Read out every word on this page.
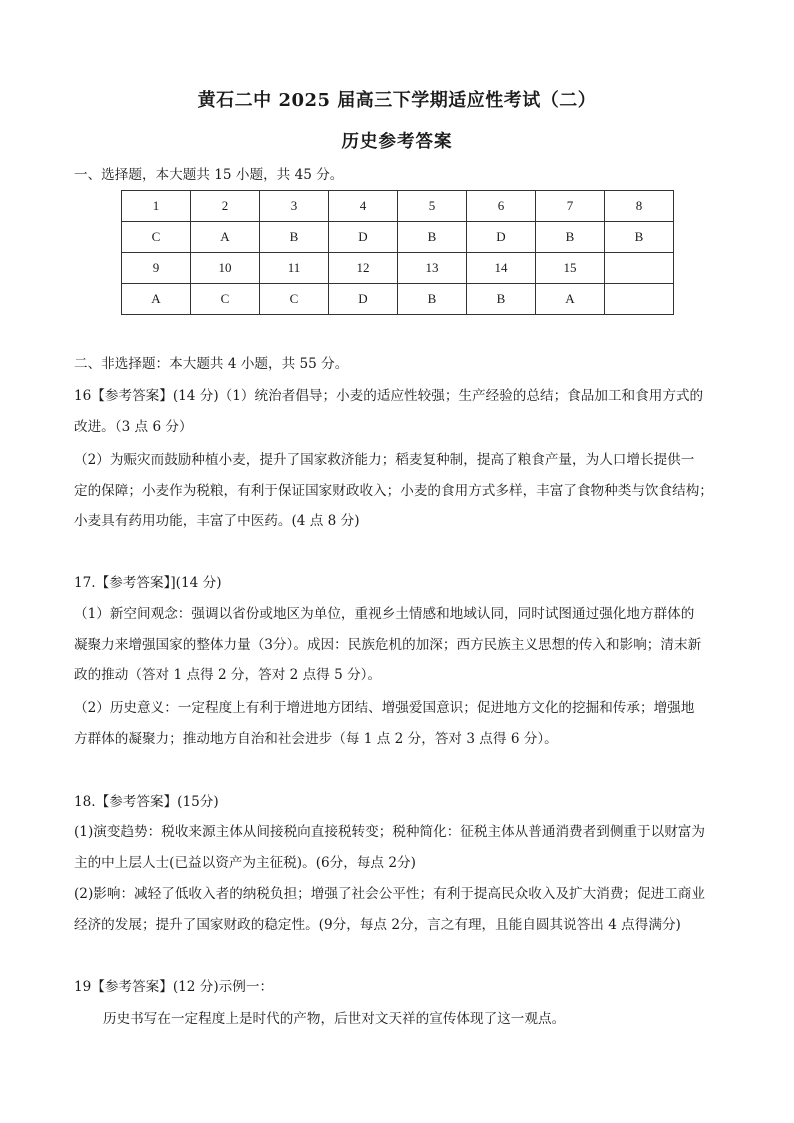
黄石二中 2025 届高三下学期适应性考试（二）
历史参考答案
一、选择题，本大题共 15 小题，共 45 分。
1	2	3	4	5	6	7	8
C	A	B	D	B	D	B	B
9	10	11	12	13	14	15	
A	C	C	D	B	B	A	
二、非选择题：本大题共 4 小题，共 55 分。
16【参考答案】(14 分)（1）统治者倡导；小麦的适应性较强；生产经验的总结；食品加工和食用方式的
改进。（3 点 6 分）
（2）为赈灾而鼓励种植小麦，提升了国家救济能力；稻麦复种制，提高了粮食产量，为人口增长提供一
定的保障；小麦作为税粮，有利于保证国家财政收入；小麦的食用方式多样，丰富了食物种类与饮食结构；
小麦具有药用功能，丰富了中医药。(4 点 8 分)
17.【参考答案】](14 分)
（1）新空间观念：强调以省份或地区为单位，重视乡土情感和地域认同，同时试图通过强化地方群体的
凝聚力来增强国家的整体力量（3分）。成因：民族危机的加深；西方民族主义思想的传入和影响；清末新
政的推动（答对 1 点得 2 分，答对 2 点得 5 分）。
（2）历史意义：一定程度上有利于增进地方团结、增强爱国意识；促进地方文化的挖掘和传承；增强地
方群体的凝聚力；推动地方自治和社会进步（每 1 点 2 分，答对 3 点得 6 分）。
18.【参考答案】(15分)
(1)演变趋势：税收来源主体从间接税向直接税转变；税种简化：征税主体从普通消费者到侧重于以财富为
主的中上层人士(已益以资产为主征税)。(6分，每点 2分)
(2)影响：减轻了低收入者的纳税负担；增强了社会公平性；有利于提高民众收入及扩大消费；促进工商业
经济的发展；提升了国家财政的稳定性。(9分，每点 2分，言之有理，且能自圆其说答出 4 点得满分)
19【参考答案】(12 分)示例一：
历史书写在一定程度上是时代的产物，后世对文天祥的宣传体现了这一观点。
